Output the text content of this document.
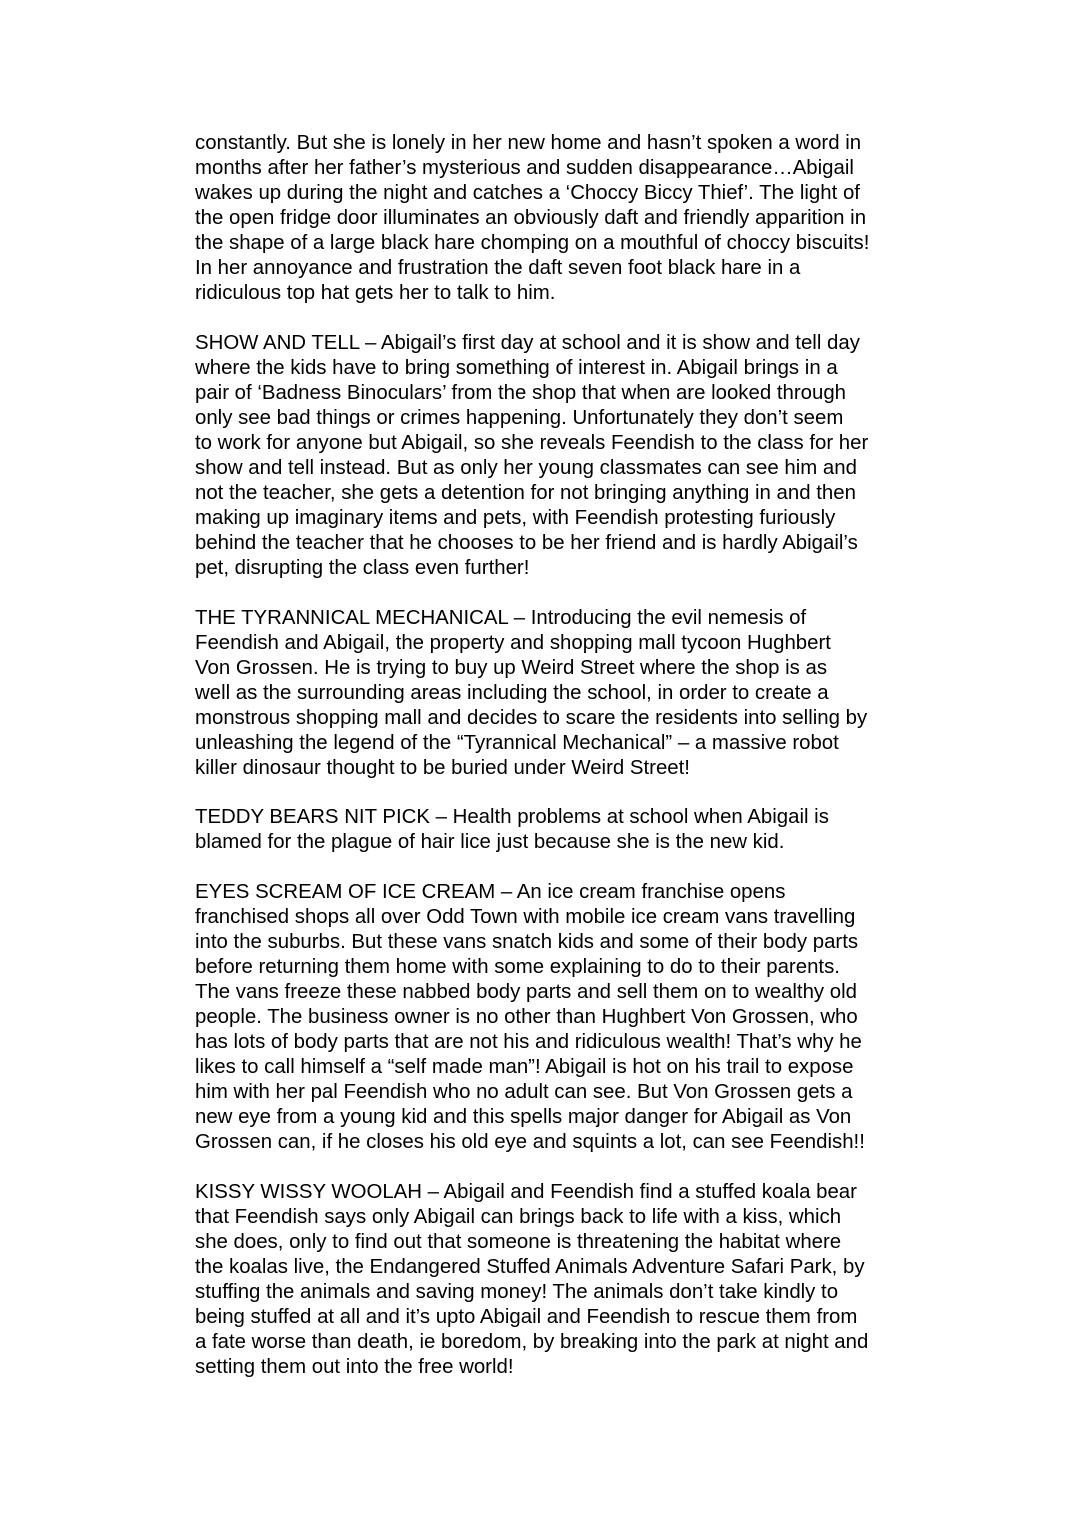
constantly. But she is lonely in her new home and hasn’t spoken a word in
months after her father’s mysterious and sudden disappearance…Abigail
wakes up during the night and catches a ‘Choccy Biccy Thief’. The light of
the open fridge door illuminates an obviously daft and friendly apparition in
the shape of a large black hare chomping on a mouthful of choccy biscuits!
In her annoyance and frustration the daft seven foot black hare in a
ridiculous top hat gets her to talk to him.

SHOW AND TELL – Abigail’s first day at school and it is show and tell day
where the kids have to bring something of interest in. Abigail brings in a
pair of ‘Badness Binoculars’ from the shop that when are looked through
only see bad things or crimes happening. Unfortunately they don’t seem
to work for anyone but Abigail, so she reveals Feendish to the class for her
show and tell instead. But as only her young classmates can see him and
not the teacher, she gets a detention for not bringing anything in and then
making up imaginary items and pets, with Feendish protesting furiously
behind the teacher that he chooses to be her friend and is hardly Abigail’s
pet, disrupting the class even further!

THE TYRANNICAL MECHANICAL – Introducing the evil nemesis of
Feendish and Abigail, the property and shopping mall tycoon Hughbert
Von Grossen. He is trying to buy up Weird Street where the shop is as
well as the surrounding areas including the school, in order to create a
monstrous shopping mall and decides to scare the residents into selling by
unleashing the legend of the “Tyrannical Mechanical” – a massive robot
killer dinosaur thought to be buried under Weird Street!

TEDDY BEARS NIT PICK – Health problems at school when Abigail is
blamed for the plague of hair lice just because she is the new kid.

EYES SCREAM OF ICE CREAM – An ice cream franchise opens
franchised shops all over Odd Town with mobile ice cream vans travelling
into the suburbs. But these vans snatch kids and some of their body parts
before returning them home with some explaining to do to their parents.
The vans freeze these nabbed body parts and sell them on to wealthy old
people. The business owner is no other than Hughbert Von Grossen, who
has lots of body parts that are not his and ridiculous wealth! That’s why he
likes to call himself a “self made man”! Abigail is hot on his trail to expose
him with her pal Feendish who no adult can see. But Von Grossen gets a
new eye from a young kid and this spells major danger for Abigail as Von
Grossen can, if he closes his old eye and squints a lot, can see Feendish!!

KISSY WISSY WOOLAH – Abigail and Feendish find a stuffed koala bear
that Feendish says only Abigail can brings back to life with a kiss, which
she does, only to find out that someone is threatening the habitat where
the koalas live, the Endangered Stuffed Animals Adventure Safari Park, by
stuffing the animals and saving money! The animals don’t take kindly to
being stuffed at all and it’s upto Abigail and Feendish to rescue them from
a fate worse than death, ie boredom, by breaking into the park at night and
setting them out into the free world!
